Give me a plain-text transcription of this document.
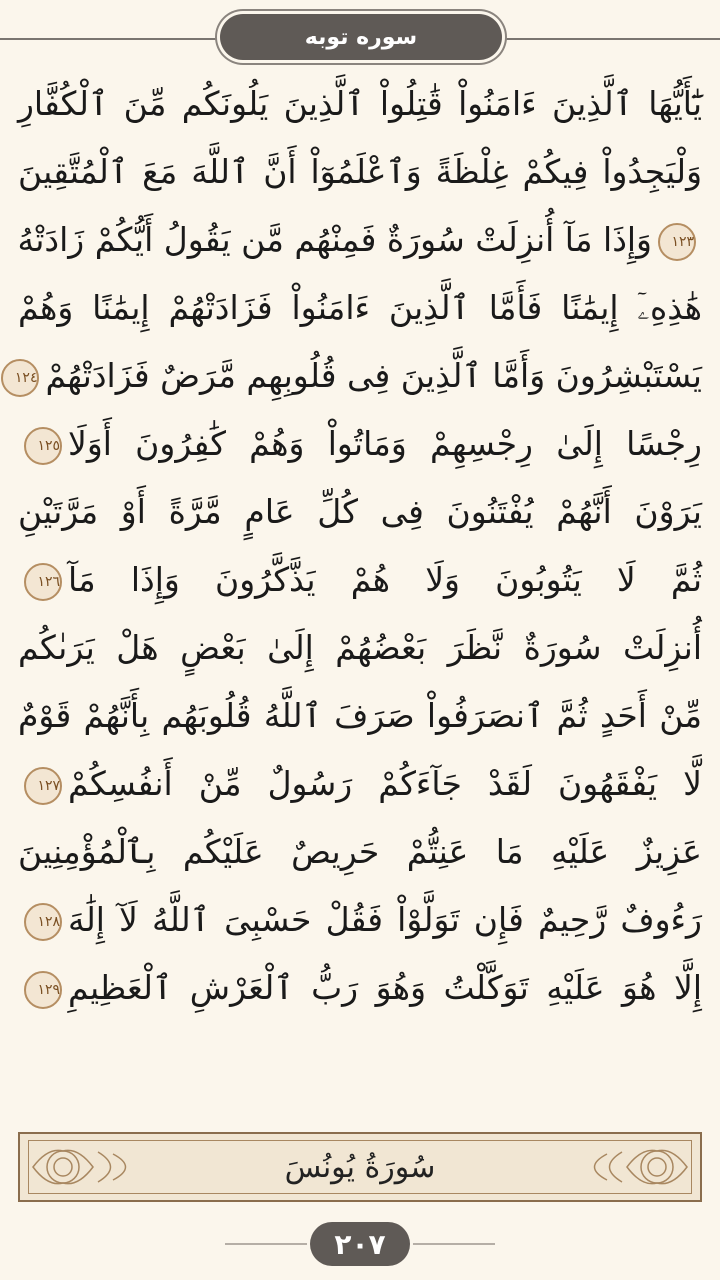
سوره توبه
يَٰٓأَيُّهَا ٱلَّذِينَ ءَامَنُواْ قَٰتِلُواْ ٱلَّذِينَ يَلُونَكُم مِّنَ ٱلْكُفَّارِ
وَلْيَجِدُواْ فِيكُمْ غِلْظَةً وَٱعْلَمُوٓاْ أَنَّ ٱللَّهَ مَعَ ٱلْمُتَّقِينَ
١٢٣وَإِذَا مَآ أُنزِلَتْ سُورَةٌ فَمِنْهُم مَّن يَقُولُ أَيُّكُمْ زَادَتْهُ
هَٰذِهِۦٓ إِيمَٰنًا فَأَمَّا ٱلَّذِينَ ءَامَنُواْ فَزَادَتْهُمْ إِيمَٰنًا وَهُمْ
يَسْتَبْشِرُونَ وَأَمَّا ٱلَّذِينَ فِى قُلُوبِهِم مَّرَضٌ فَزَادَتْهُمْ١٢٤
رِجْسًا إِلَىٰ رِجْسِهِمْ وَمَاتُواْ وَهُمْ كَٰفِرُونَ أَوَلَا١٢٥
يَرَوْنَ أَنَّهُمْ يُفْتَنُونَ فِى كُلِّ عَامٍ مَّرَّةً أَوْ مَرَّتَيْنِ
ثُمَّ لَا يَتُوبُونَ وَلَا هُمْ يَذَّكَّرُونَ وَإِذَا مَآ١٢٦
أُنزِلَتْ سُورَةٌ نَّظَرَ بَعْضُهُمْ إِلَىٰ بَعْضٍ هَلْ يَرَىٰكُم
مِّنْ أَحَدٍ ثُمَّ ٱنصَرَفُواْ صَرَفَ ٱللَّهُ قُلُوبَهُم بِأَنَّهُمْ قَوْمٌ
لَّا يَفْقَهُونَ لَقَدْ جَآءَكُمْ رَسُولٌ مِّنْ أَنفُسِكُمْ١٢٧
عَزِيزٌ عَلَيْهِ مَا عَنِتُّمْ حَرِيصٌ عَلَيْكُم بِٱلْمُؤْمِنِينَ
رَءُوفٌ رَّحِيمٌ فَإِن تَوَلَّوْاْ فَقُلْ حَسْبِىَ ٱللَّهُ لَآ إِلَٰهَ١٢٨
إِلَّا هُوَ عَلَيْهِ تَوَكَّلْتُ وَهُوَ رَبُّ ٱلْعَرْشِ ٱلْعَظِيمِ١٢٩
سُورَةُ يُونُسَ
٢٠٧
